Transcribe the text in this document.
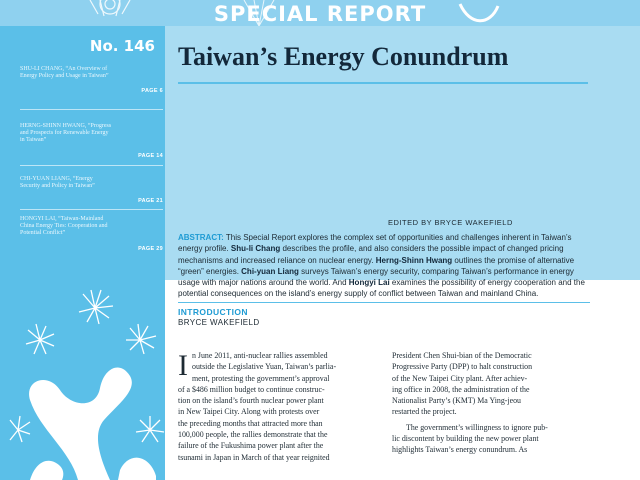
SPECIAL REPORT
No. 146
SHU-LI CHANG, “An Overview of Energy Policy and Usage in Taiwan”
PAGE 6
HERNG-SHINN HWANG, “Progress and Prospects for Renewable Energy in Taiwan”
PAGE 14
CHI-YUAN LIANG, “Energy Security and Policy in Taiwan”
PAGE 21
HONGYI LAI, “Taiwan-Mainland China Energy Ties: Cooperation and Potential Conflict”
PAGE 29
Taiwan’s Energy Conundrum
EDITED BY BRYCE WAKEFIELD
ABSTRACT: This Special Report explores the complex set of opportunities and challenges inherent in Taiwan’s energy profile. Shu-li Chang describes the profile, and also considers the possible impact of changed pricing mechanisms and increased reliance on nuclear energy. Herng-Shinn Hwang outlines the promise of alternative “green” energies. Chi-yuan Liang surveys Taiwan’s energy security, comparing Taiwan’s performance in energy usage with major nations around the world. And Hongyi Lai examines the possibility of energy cooperation and the potential consequences on the island’s energy supply of conflict between Taiwan and mainland China.
INTRODUCTION
BRYCE WAKEFIELD
I n June 2011, anti-nuclear rallies assembled
outside the Legislative Yuan, Taiwan’s parlia-
ment, protesting the government’s approval
of a $486 million budget to continue construc-
tion on the island’s fourth nuclear power plant
in New Taipei City. Along with protests over
the preceding months that attracted more than
100,000 people, the rallies demonstrate that the
failure of the Fukushima power plant after the
tsunami in Japan in March of that year reignited
President Chen Shui-bian of the Democratic
Progressive Party (DPP) to halt construction
of the New Taipei City plant. After achiev-
ing office in 2008, the administration of the
Nationalist Party’s (KMT) Ma Ying-jeou
restarted the project.
The government’s willingness to ignore pub-
lic discontent by building the new power plant
highlights Taiwan’s energy conundrum. As
